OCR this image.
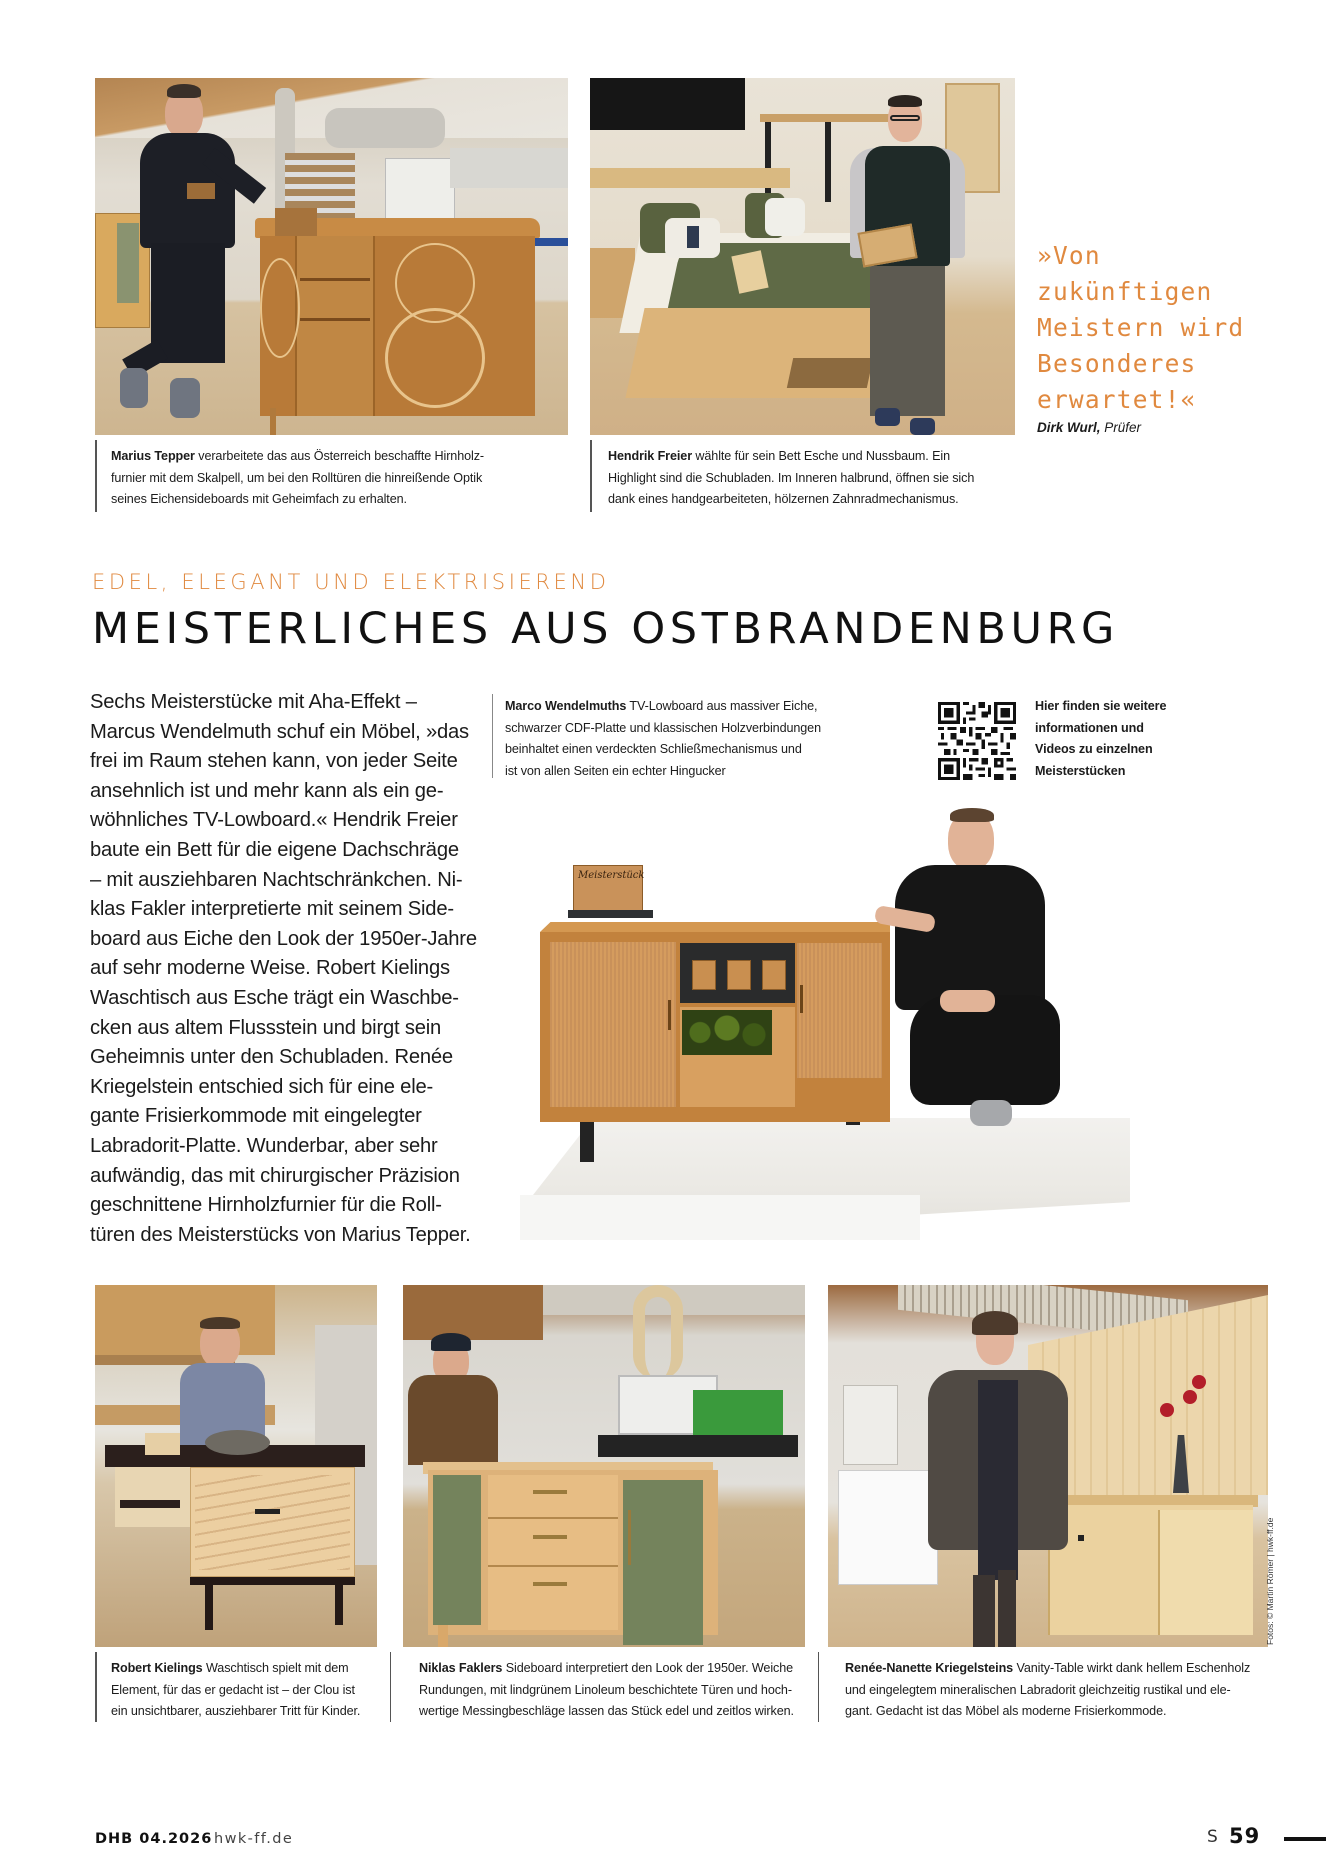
Marius Tepper verarbeitete das aus Österreich beschaffte Hirnholz-
furnier mit dem Skalpell, um bei den Rolltüren die hinreißende Optik
seines Eichensideboards mit Geheimfach zu erhalten.
Hendrik Freier wählte für sein Bett Esche und Nussbaum. Ein
Highlight sind die Schubladen. Im Inneren halbrund, öffnen sie sich
dank eines handgearbeiteten, hölzernen Zahnradmechanismus.
»Von
zukünftigen
Meistern wird
Besonderes
erwartet!«
Dirk Wurl, Prüfer
EDEL, ELEGANT UND ELEKTRISIEREND
MEISTERLICHES AUS OSTBRANDENBURG
Sechs Meisterstücke mit Aha-Effekt –
Marcus Wendelmuth schuf ein Möbel, »das
frei im Raum stehen kann, von jeder Seite
ansehnlich ist und mehr kann als ein ge-
wöhnliches TV-Lowboard.« Hendrik Freier
baute ein Bett für die eigene Dachschräge
– mit ausziehbaren Nachtschränkchen. Ni-
klas Fakler interpretierte mit seinem Side-
board aus Eiche den Look der 1950er-Jahre
auf sehr moderne Weise. Robert Kielings
Waschtisch aus Esche trägt ein Waschbe-
cken aus altem Flussstein und birgt sein
Geheimnis unter den Schubladen. Renée
Kriegelstein entschied sich für eine ele-
gante Frisierkommode mit eingelegter
Labradorit-Platte. Wunderbar, aber sehr
aufwändig, das mit chirurgischer Präzision
geschnittene Hirnholzfurnier für die Roll-
türen des Meisterstücks von Marius Tepper.
Marco Wendelmuths TV-Lowboard aus massiver Eiche,
schwarzer CDF-Platte und klassischen Holzverbindungen
beinhaltet einen verdeckten Schließmechanismus und
ist von allen Seiten ein echter Hingucker
Hier finden sie weitere
informationen und
Videos zu einzelnen
Meisterstücken
Meisterstück
Robert Kielings Waschtisch spielt mit dem
Element, für das er gedacht ist – der Clou ist
ein unsichtbarer, ausziehbarer Tritt für Kinder.
Niklas Faklers Sideboard interpretiert den Look der 1950er. Weiche
Rundungen, mit lindgrünem Linoleum beschichtete Türen und hoch-
wertige Messingbeschläge lassen das Stück edel und zeitlos wirken.
Renée-Nanette Kriegelsteins Vanity-Table wirkt dank hellem Eschenholz
und eingelegtem mineralischen Labradorit gleichzeitig rustikal und ele-
gant. Gedacht ist das Möbel als moderne Frisierkommode.
Fotos: © Martin Römer | hwk-ff.de
DHB 04.2026 hwk-ff.de	S 59
